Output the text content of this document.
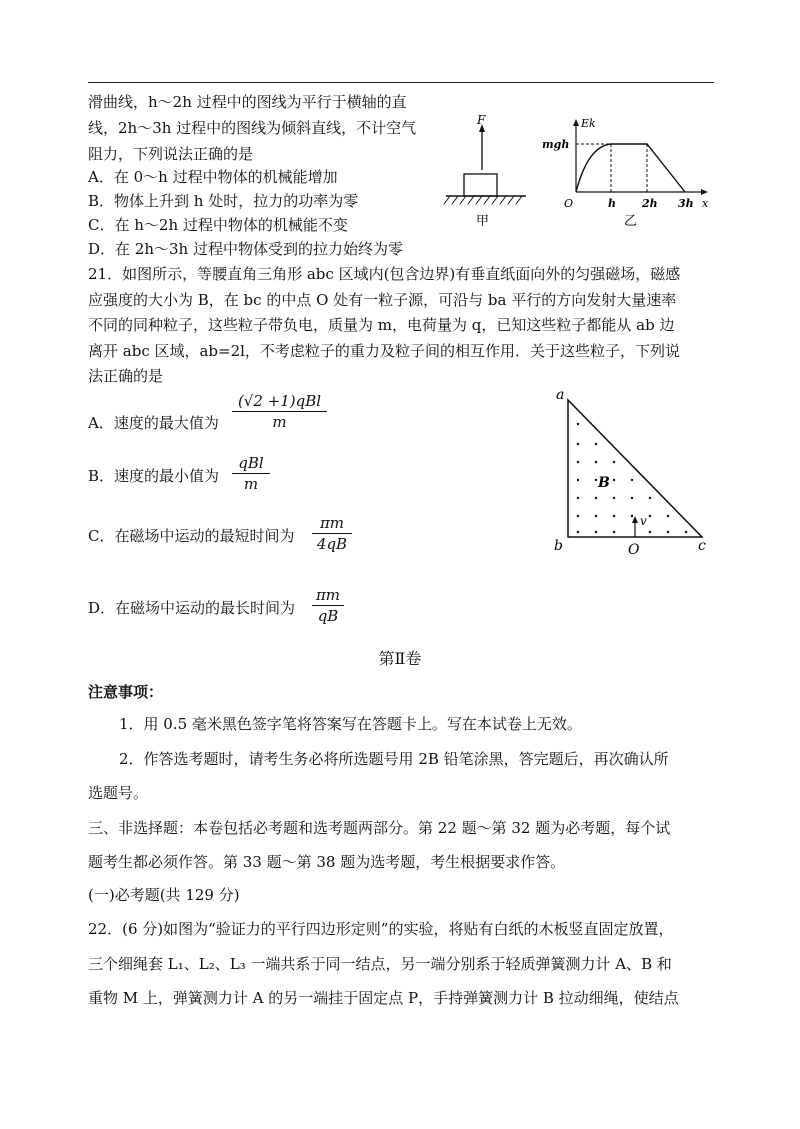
滑曲线，h～2h 过程中的图线为平行于横轴的直
线，2h～3h 过程中的图线为倾斜直线，不计空气
阻力，下列说法正确的是
A．在 0～h 过程中物体的机械能增加
B．物体上升到 h 处时，拉力的功率为零
C．在 h～2h 过程中物体的机械能不变
D．在 2h～3h 过程中物体受到的拉力始终为零
F
甲
Ek
mgh
O	x
h 2h 3h
乙
21．如图所示，等腰直角三角形 abc 区域内(包含边界)有垂直纸面向外的匀强磁场，磁感
应强度的大小为 B，在 bc 的中点 O 处有一粒子源，可沿与 ba 平行的方向发射大量速率
不同的同种粒子，这些粒子带负电，质量为 m，电荷量为 q，已知这些粒子都能从 ab 边
离开 abc 区域，ab=2l，不考虑粒子的重力及粒子间的相互作用．关于这些粒子，下列说
法正确的是
A．速度的最大值为
(√2 +1)qBl
m
B．速度的最小值为
qBl
m
C．在磁场中运动的最短时间为
πm
4qB
D．在磁场中运动的最长时间为
πm
qB
v
B
a
b	c
O
第Ⅱ卷
注意事项：
1．用 0.5 毫米黑色签字笔将答案写在答题卡上。写在本试卷上无效。
2．作答选考题时，请考生务必将所选题号用 2B 铅笔涂黑，答完题后，再次确认所
选题号。
三、非选择题：本卷包括必考题和选考题两部分。第 22 题～第 32 题为必考题，每个试
题考生都必须作答。第 33 题～第 38 题为选考题，考生根据要求作答。
(一)必考题(共 129 分)
22．(6 分)如图为“验证力的平行四边形定则”的实验，将贴有白纸的木板竖直固定放置，
三个细绳套 L₁、L₂、L₃ 一端共系于同一结点，另一端分别系于轻质弹簧测力计 A、B 和
重物 M 上，弹簧测力计 A 的另一端挂于固定点 P，手持弹簧测力计 B 拉动细绳，使结点
